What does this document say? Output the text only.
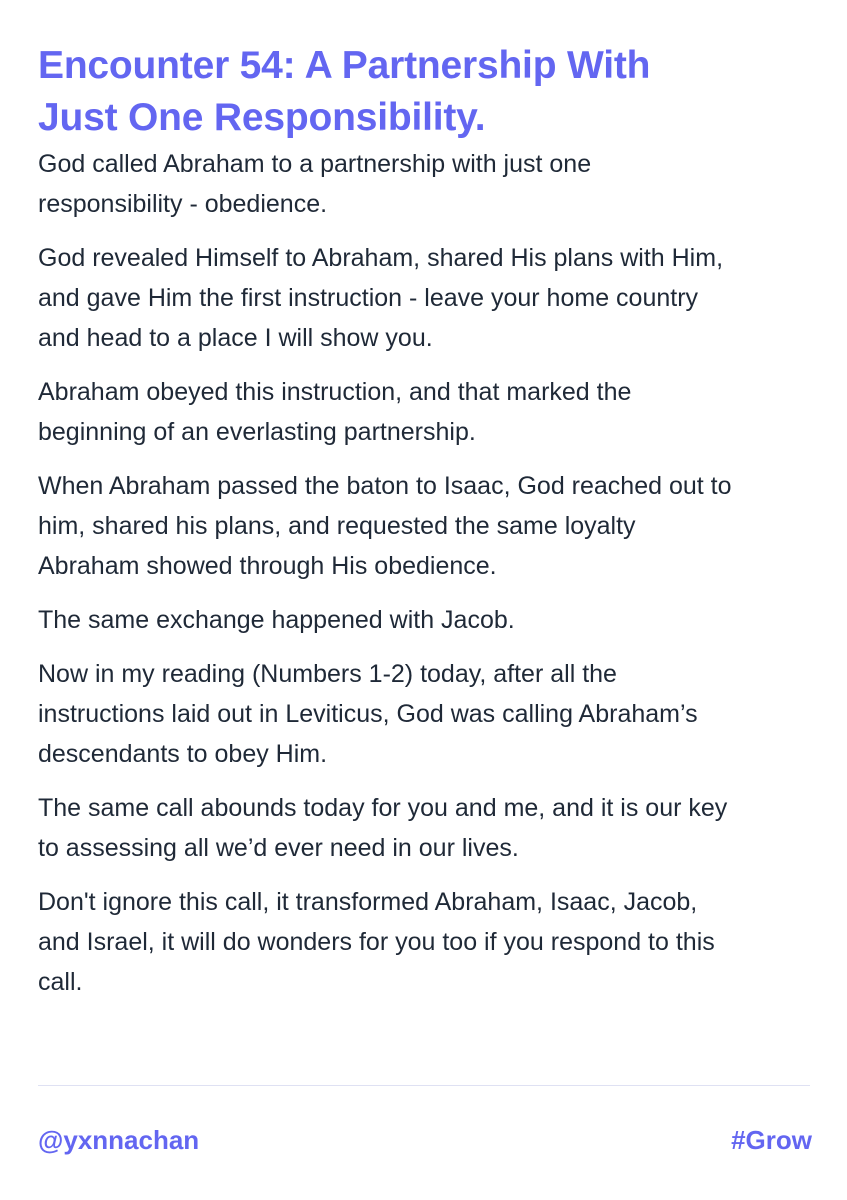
Encounter 54: A Partnership With
Just One Responsibility.

God called Abraham to a partnership with just one
responsibility - obedience.

God revealed Himself to Abraham, shared His plans with Him,
and gave Him the first instruction - leave your home country
and head to a place I will show you.

Abraham obeyed this instruction, and that marked the
beginning of an everlasting partnership.

When Abraham passed the baton to Isaac, God reached out to
him, shared his plans, and requested the same loyalty
Abraham showed through His obedience.

The same exchange happened with Jacob.

Now in my reading (Numbers 1-2) today, after all the
instructions laid out in Leviticus, God was calling Abraham’s
descendants to obey Him.

The same call abounds today for you and me, and it is our key
to assessing all we’d ever need in our lives.

Don't ignore this call, it transformed Abraham, Isaac, Jacob,
and Israel, it will do wonders for you too if you respond to this
call.

@yxnnachan	#Grow
